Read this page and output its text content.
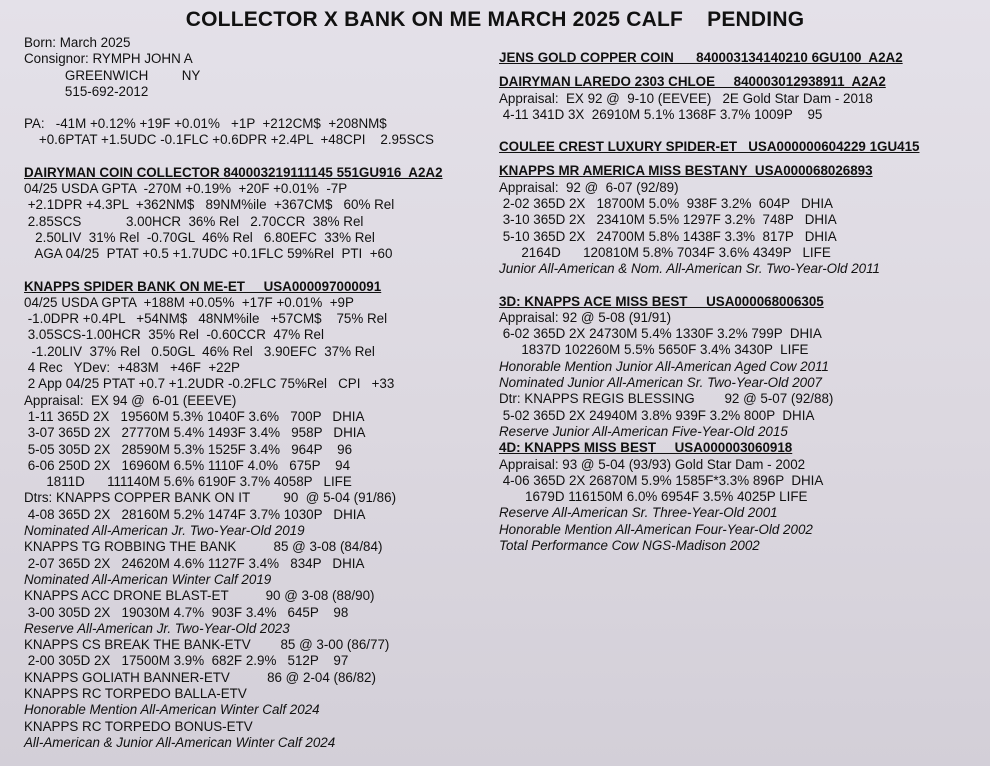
COLLECTOR X BANK ON ME MARCH 2025 CALF    PENDING
Born: March 2025
Consignor: RYMPH JOHN A
GREENWICH         NY
515-692-2012
PA:   -41M +0.12% +19F +0.01%   +1P  +212CM$  +208NM$
+0.6PTAT +1.5UDC -0.1FLC +0.6DPR +2.4PL  +48CPI    2.95SCS
DAIRYMAN COIN COLLECTOR 840003219111145 551GU916  A2A2
04/25 USDA GPTA  -270M +0.19%  +20F +0.01%  -7P
+2.1DPR +4.3PL  +362NM$   89NM%ile  +367CM$   60% Rel
2.85SCS            3.00HCR  36% Rel   2.70CCR  38% Rel
2.50LIV  31% Rel  -0.70GL  46% Rel   6.80EFC  33% Rel
AGA 04/25  PTAT +0.5 +1.7UDC +0.1FLC 59%Rel  PTI  +60
KNAPPS SPIDER BANK ON ME-ET     USA000097000091
04/25 USDA GPTA  +188M +0.05%  +17F +0.01%  +9P
-1.0DPR +0.4PL   +54NM$   48NM%ile   +57CM$    75% Rel
3.05SCS-1.00HCR  35% Rel  -0.60CCR  47% Rel
-1.20LIV  37% Rel   0.50GL  46% Rel   3.90EFC  37% Rel
4 Rec   YDev:  +483M   +46F  +22P
2 App 04/25 PTAT +0.7 +1.2UDR -0.2FLC 75%Rel   CPI   +33
Appraisal:  EX 94 @  6-01 (EEEVE)
1-11 365D 2X   19560M 5.3% 1040F 3.6%   700P   DHIA
3-07 365D 2X   27770M 5.4% 1493F 3.4%   958P   DHIA
5-05 305D 2X   28590M 5.3% 1525F 3.4%   964P    96
6-06 250D 2X   16960M 6.5% 1110F 4.0%   675P    94
1811D      111140M 5.6% 6190F 3.7% 4058P   LIFE
Dtrs: KNAPPS COPPER BANK ON IT         90  @ 5-04 (91/86)
4-08 365D 2X   28160M 5.2% 1474F 3.7% 1030P   DHIA
Nominated All-American Jr. Two-Year-Old 2019
KNAPPS TG ROBBING THE BANK          85 @ 3-08 (84/84)
2-07 365D 2X   24620M 4.6% 1127F 3.4%   834P   DHIA
Nominated All-American Winter Calf 2019
KNAPPS ACC DRONE BLAST-ET          90 @ 3-08 (88/90)
3-00 305D 2X   19030M 4.7%  903F 3.4%   645P    98
Reserve All-American Jr. Two-Year-Old 2023
KNAPPS CS BREAK THE BANK-ETV        85 @ 3-00 (86/77)
2-00 305D 2X   17500M 3.9%  682F 2.9%   512P    97
KNAPPS GOLIATH BANNER-ETV          86 @ 2-04 (86/82)
KNAPPS RC TORPEDO BALLA-ETV
Honorable Mention All-American Winter Calf 2024
KNAPPS RC TORPEDO BONUS-ETV
All-American & Junior All-American Winter Calf 2024
JENS GOLD COPPER COIN      840003134140210 6GU100  A2A2
DAIRYMAN LAREDO 2303 CHLOE     840003012938911  A2A2
Appraisal:  EX 92 @  9-10 (EEVEE)   2E Gold Star Dam - 2018
4-11 341D 3X  26910M 5.1% 1368F 3.7% 1009P    95
COULEE CREST LUXURY SPIDER-ET   USA000000604229 1GU415
KNAPPS MR AMERICA MISS BESTANY  USA000068026893
Appraisal:  92 @  6-07 (92/89)
2-02 365D 2X   18700M 5.0%  938F 3.2%  604P   DHIA
3-10 365D 2X   23410M 5.5% 1297F 3.2%  748P   DHIA
5-10 365D 2X   24700M 5.8% 1438F 3.3%  817P   DHIA
2164D      120810M 5.8% 7034F 3.6% 4349P   LIFE
Junior All-American & Nom. All-American Sr. Two-Year-Old 2011
3D: KNAPPS ACE MISS BEST     USA000068006305
Appraisal: 92 @ 5-08 (91/91)
6-02 365D 2X 24730M 5.4% 1330F 3.2% 799P  DHIA
1837D 102260M 5.5% 5650F 3.4% 3430P  LIFE
Honorable Mention Junior All-American Aged Cow 2011
Nominated Junior All-American Sr. Two-Year-Old 2007
Dtr: KNAPPS REGIS BLESSING        92 @ 5-07 (92/88)
5-02 365D 2X 24940M 3.8% 939F 3.2% 800P  DHIA
Reserve Junior All-American Five-Year-Old 2015
4D: KNAPPS MISS BEST     USA000003060918
Appraisal: 93 @ 5-04 (93/93) Gold Star Dam - 2002
4-06 365D 2X 26870M 5.9% 1585F*3.3% 896P  DHIA
1679D 116150M 6.0% 6954F 3.5% 4025P LIFE
Reserve All-American Sr. Three-Year-Old 2001
Honorable Mention All-American Four-Year-Old 2002
Total Performance Cow NGS-Madison 2002
